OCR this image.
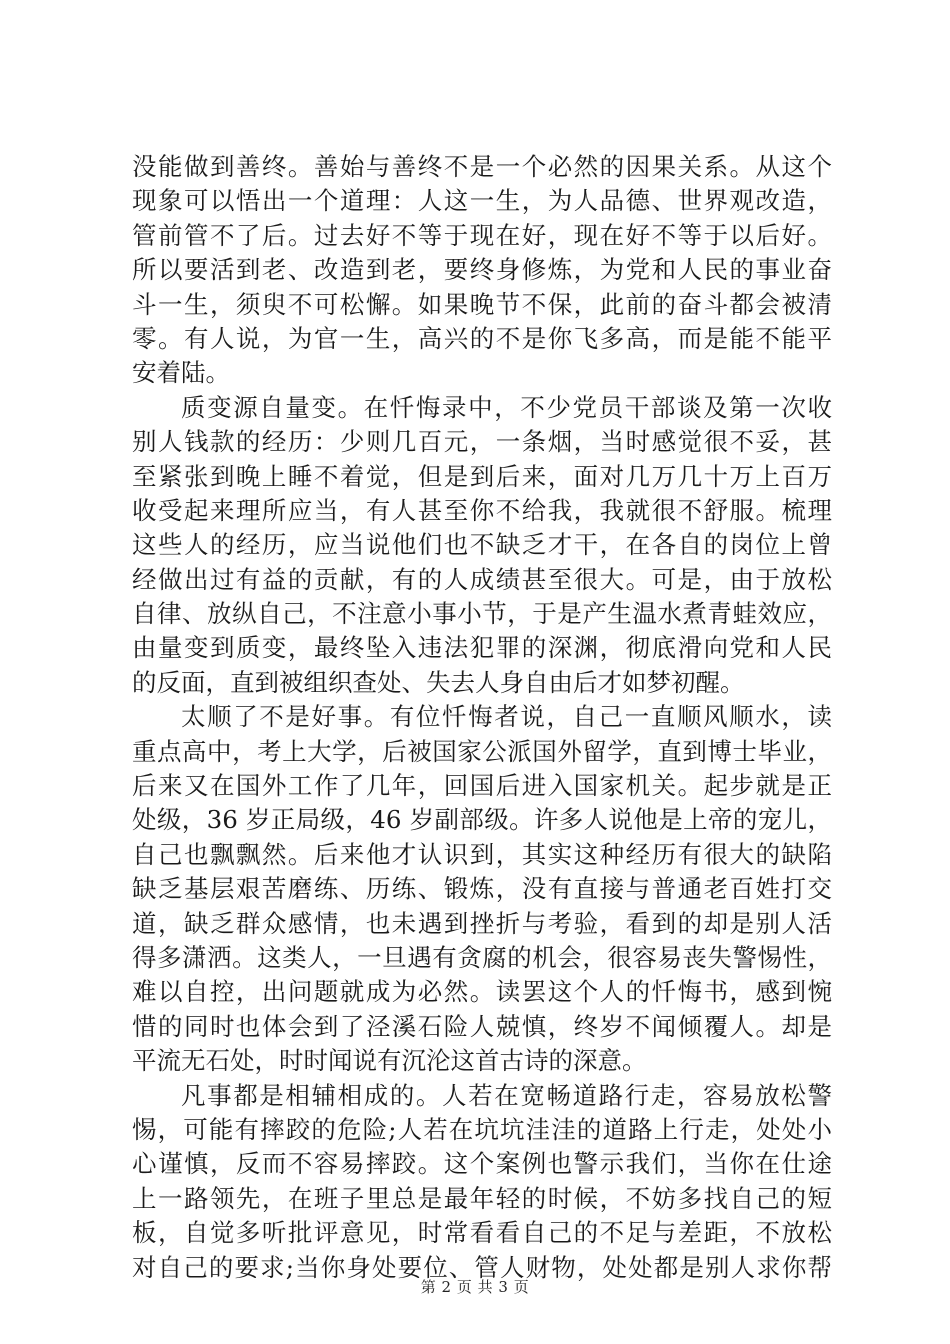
没能做到善终。善始与善终不是一个必然的因果关系。从这个
现象可以悟出一个道理：人这一生，为人品德、世界观改造，
管前管不了后。过去好不等于现在好，现在好不等于以后好。
所以要活到老、改造到老，要终身修炼，为党和人民的事业奋
斗一生，须臾不可松懈。如果晚节不保，此前的奋斗都会被清
零。有人说，为官一生，高兴的不是你飞多高，而是能不能平
安着陆。
质变源自量变。在忏悔录中，不少党员干部谈及第一次收
别人钱款的经历：少则几百元，一条烟，当时感觉很不妥，甚
至紧张到晚上睡不着觉，但是到后来，面对几万几十万上百万
收受起来理所应当，有人甚至你不给我，我就很不舒服。梳理
这些人的经历，应当说他们也不缺乏才干，在各自的岗位上曾
经做出过有益的贡献，有的人成绩甚至很大。可是，由于放松
自律、放纵自己，不注意小事小节，于是产生温水煮青蛙效应，
由量变到质变，最终坠入违法犯罪的深渊，彻底滑向党和人民
的反面，直到被组织查处、失去人身自由后才如梦初醒。
太顺了不是好事。有位忏悔者说，自己一直顺风顺水，读
重点高中，考上大学，后被国家公派国外留学，直到博士毕业，
后来又在国外工作了几年，回国后进入国家机关。起步就是正
处级，36 岁正局级，46 岁副部级。许多人说他是上帝的宠儿，
自己也飘飘然。后来他才认识到，其实这种经历有很大的缺陷
缺乏基层艰苦磨练、历练、锻炼，没有直接与普通老百姓打交
道，缺乏群众感情，也未遇到挫折与考验，看到的却是别人活
得多潇洒。这类人，一旦遇有贪腐的机会，很容易丧失警惕性，
难以自控，出问题就成为必然。读罢这个人的忏悔书，感到惋
惜的同时也体会到了泾溪石险人兢慎，终岁不闻倾覆人。却是
平流无石处，时时闻说有沉沦这首古诗的深意。
凡事都是相辅相成的。人若在宽畅道路行走，容易放松警
惕，可能有摔跤的危险;人若在坑坑洼洼的道路上行走，处处小
心谨慎，反而不容易摔跤。这个案例也警示我们，当你在仕途
上一路领先，在班子里总是最年轻的时候，不妨多找自己的短
板，自觉多听批评意见，时常看看自己的不足与差距，不放松
对自己的要求;当你身处要位、管人财物，处处都是别人求你帮
第 2 页 共 3 页
